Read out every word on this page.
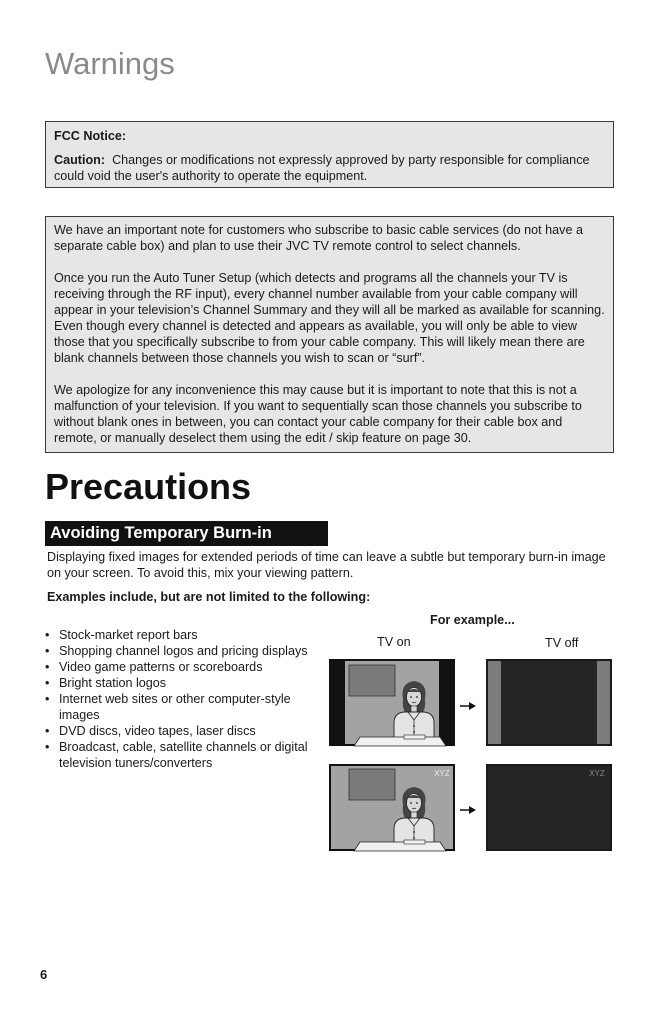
Warnings

FCC Notice:

Caution: Changes or modifications not expressly approved by party responsible for compliance could void the user's authority to operate the equipment.

We have an important note for customers who subscribe to basic cable services (do not have a separate cable box) and plan to use their JVC TV remote control to select channels.

Once you run the Auto Tuner Setup (which detects and programs all the channels your TV is receiving through the RF input), every channel number available from your cable company will appear in your television’s Channel Summary and they will all be marked as available for scanning. Even though every channel is detected and appears as available, you will only be able to view those that you specifically subscribe to from your cable company. This will likely mean there are blank channels between those channels you wish to scan or “surf”.

We apologize for any inconvenience this may cause but it is important to note that this is not a malfunction of your television. If you want to sequentially scan those channels you subscribe to without blank ones in between, you can contact your cable company for their cable box and remote, or manually deselect them using the edit / skip feature on page 30.

Precautions
Avoiding Temporary Burn-in

Displaying fixed images for extended periods of time can leave a subtle but temporary burn-in image on your screen. To avoid this, mix your viewing pattern.

Examples include, but are not limited to the following:

• Stock-market report bars
• Shopping channel logos and pricing displays
• Video game patterns or scoreboards
• Bright station logos
• Internet web sites or other computer-style images
• DVD discs, video tapes, laser discs
• Broadcast, cable, satellite channels or digital television tuners/converters
For example...
TV on	TV off
XYZ	XYZ
6
